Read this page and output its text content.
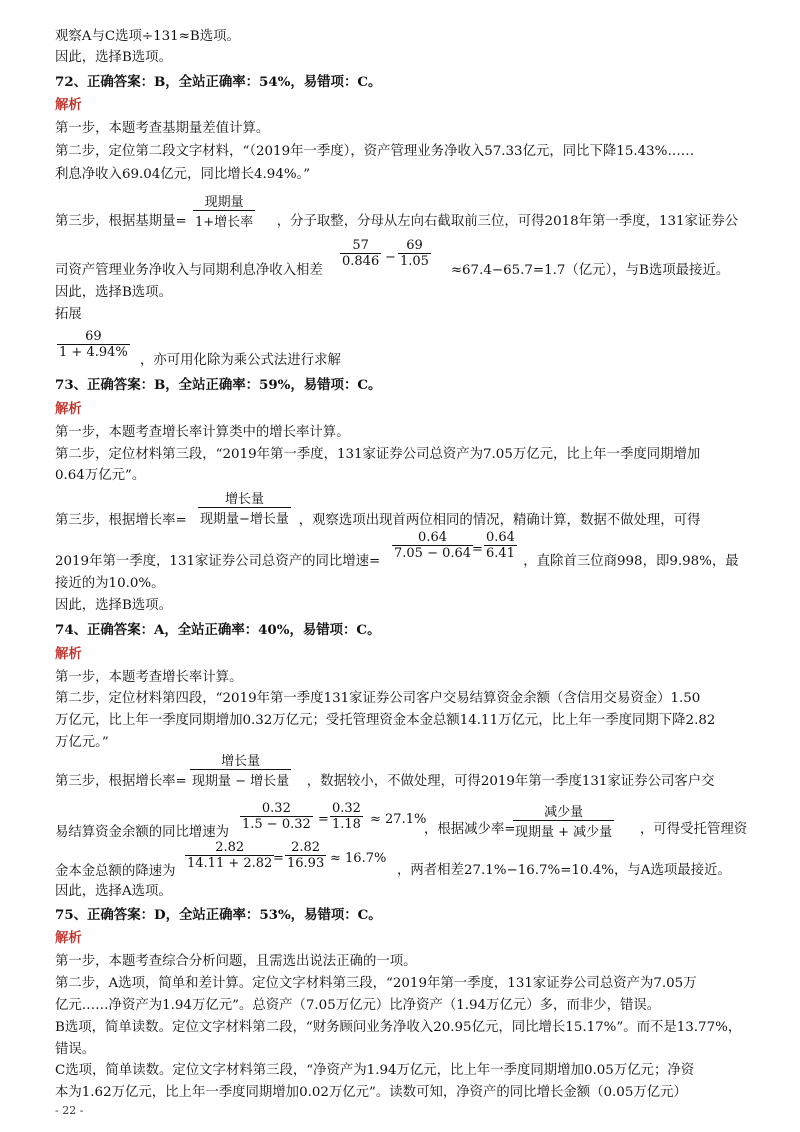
观察A与C选项÷131≈B选项。
因此，选择B选项。
72、正确答案：B，全站正确率：54%，易错项：C。
解析
第一步，本题考查基期量差值计算。
第二步，定位第二段文字材料，“（2019年一季度），资产管理业务净收入57.33亿元，同比下降15.43%……
利息净收入69.04亿元，同比增长4.94%。”
第三步，根据基期量=	，分子取整，分母从左向右截取前三位，可得2018年第一季度，131家证券公
现期量
1+增长率
司资产管理业务净收入与同期利息净收入相差	≈67.4−65.7=1.7（亿元），与B选项最接近。
$\frac{57}{0.846} - \frac{69}{1.05}$
因此，选择B选项。
拓展
，亦可用化除为乘公式法进行求解
$\frac{69}{1 + 4.94\%}$
73、正确答案：B，全站正确率：59%，易错项：C。
解析
第一步，本题考查增长率计算类中的增长率计算。
第二步，定位材料第三段，“2019年第一季度，131家证券公司总资产为7.05万亿元，比上年一季度同期增加
0.64万亿元”。
第三步，根据增长率=	，观察选项出现首两位相同的情况，精确计算，数据不做处理，可得
增长量
现期量−增长量
2019年第一季度，131家证券公司总资产的同比增速=	，直除首三位商998，即9.98%，最
$\frac{0.64}{7.05 - 0.64}$
= $\frac{0.64}{6.41}$
接近的为10.0%。
因此，选择B选项。
74、正确答案：A，全站正确率：40%，易错项：C。
解析
第一步，本题考查增长率计算。
第二步，定位材料第四段，“2019年第一季度131家证券公司客户交易结算资金余额（含信用交易资金）1.50
万亿元，比上年一季度同期增加0.32万亿元；受托管理资金本金总额14.11万亿元，比上年一季度同期下降2.82
万亿元。”
第三步，根据增长率=	，数据较小，不做处理，可得2019年第一季度131家证券公司客户交
增长量
现期量 − 增长量
易结算资金余额的同比增速为
$\frac{0.32}{1.5 - 0.32} = \frac{0.32}{1.18} \approx 27.1\%$
，根据减少率=
减少量
现期量 + 减少量 ，可得受托管理资
金本金总额的降速为
$\frac{2.82}{14.11 + 2.82}$
= $\frac{2.82}{16.93} \approx 16.7\%$
，两者相差27.1%−16.7%=10.4%，与A选项最接近。
因此，选择A选项。
75、正确答案：D，全站正确率：53%，易错项：C。
解析
第一步，本题考查综合分析问题，且需选出说法正确的一项。
第二步，A选项，简单和差计算。定位文字材料第三段，“2019年第一季度，131家证券公司总资产为7.05万
亿元……净资产为1.94万亿元”。总资产（7.05万亿元）比净资产（1.94万亿元）多，而非少，错误。
B选项，简单读数。定位文字材料第二段，“财务顾问业务净收入20.95亿元，同比增长15.17%”。而不是13.77%，
错误。
C选项，简单读数。定位文字材料第三段，“净资产为1.94万亿元，比上年一季度同期增加0.05万亿元；净资
本为1.62万亿元，比上年一季度同期增加0.02万亿元”。读数可知，净资产的同比增长金额（0.05万亿元）
- 22 -
